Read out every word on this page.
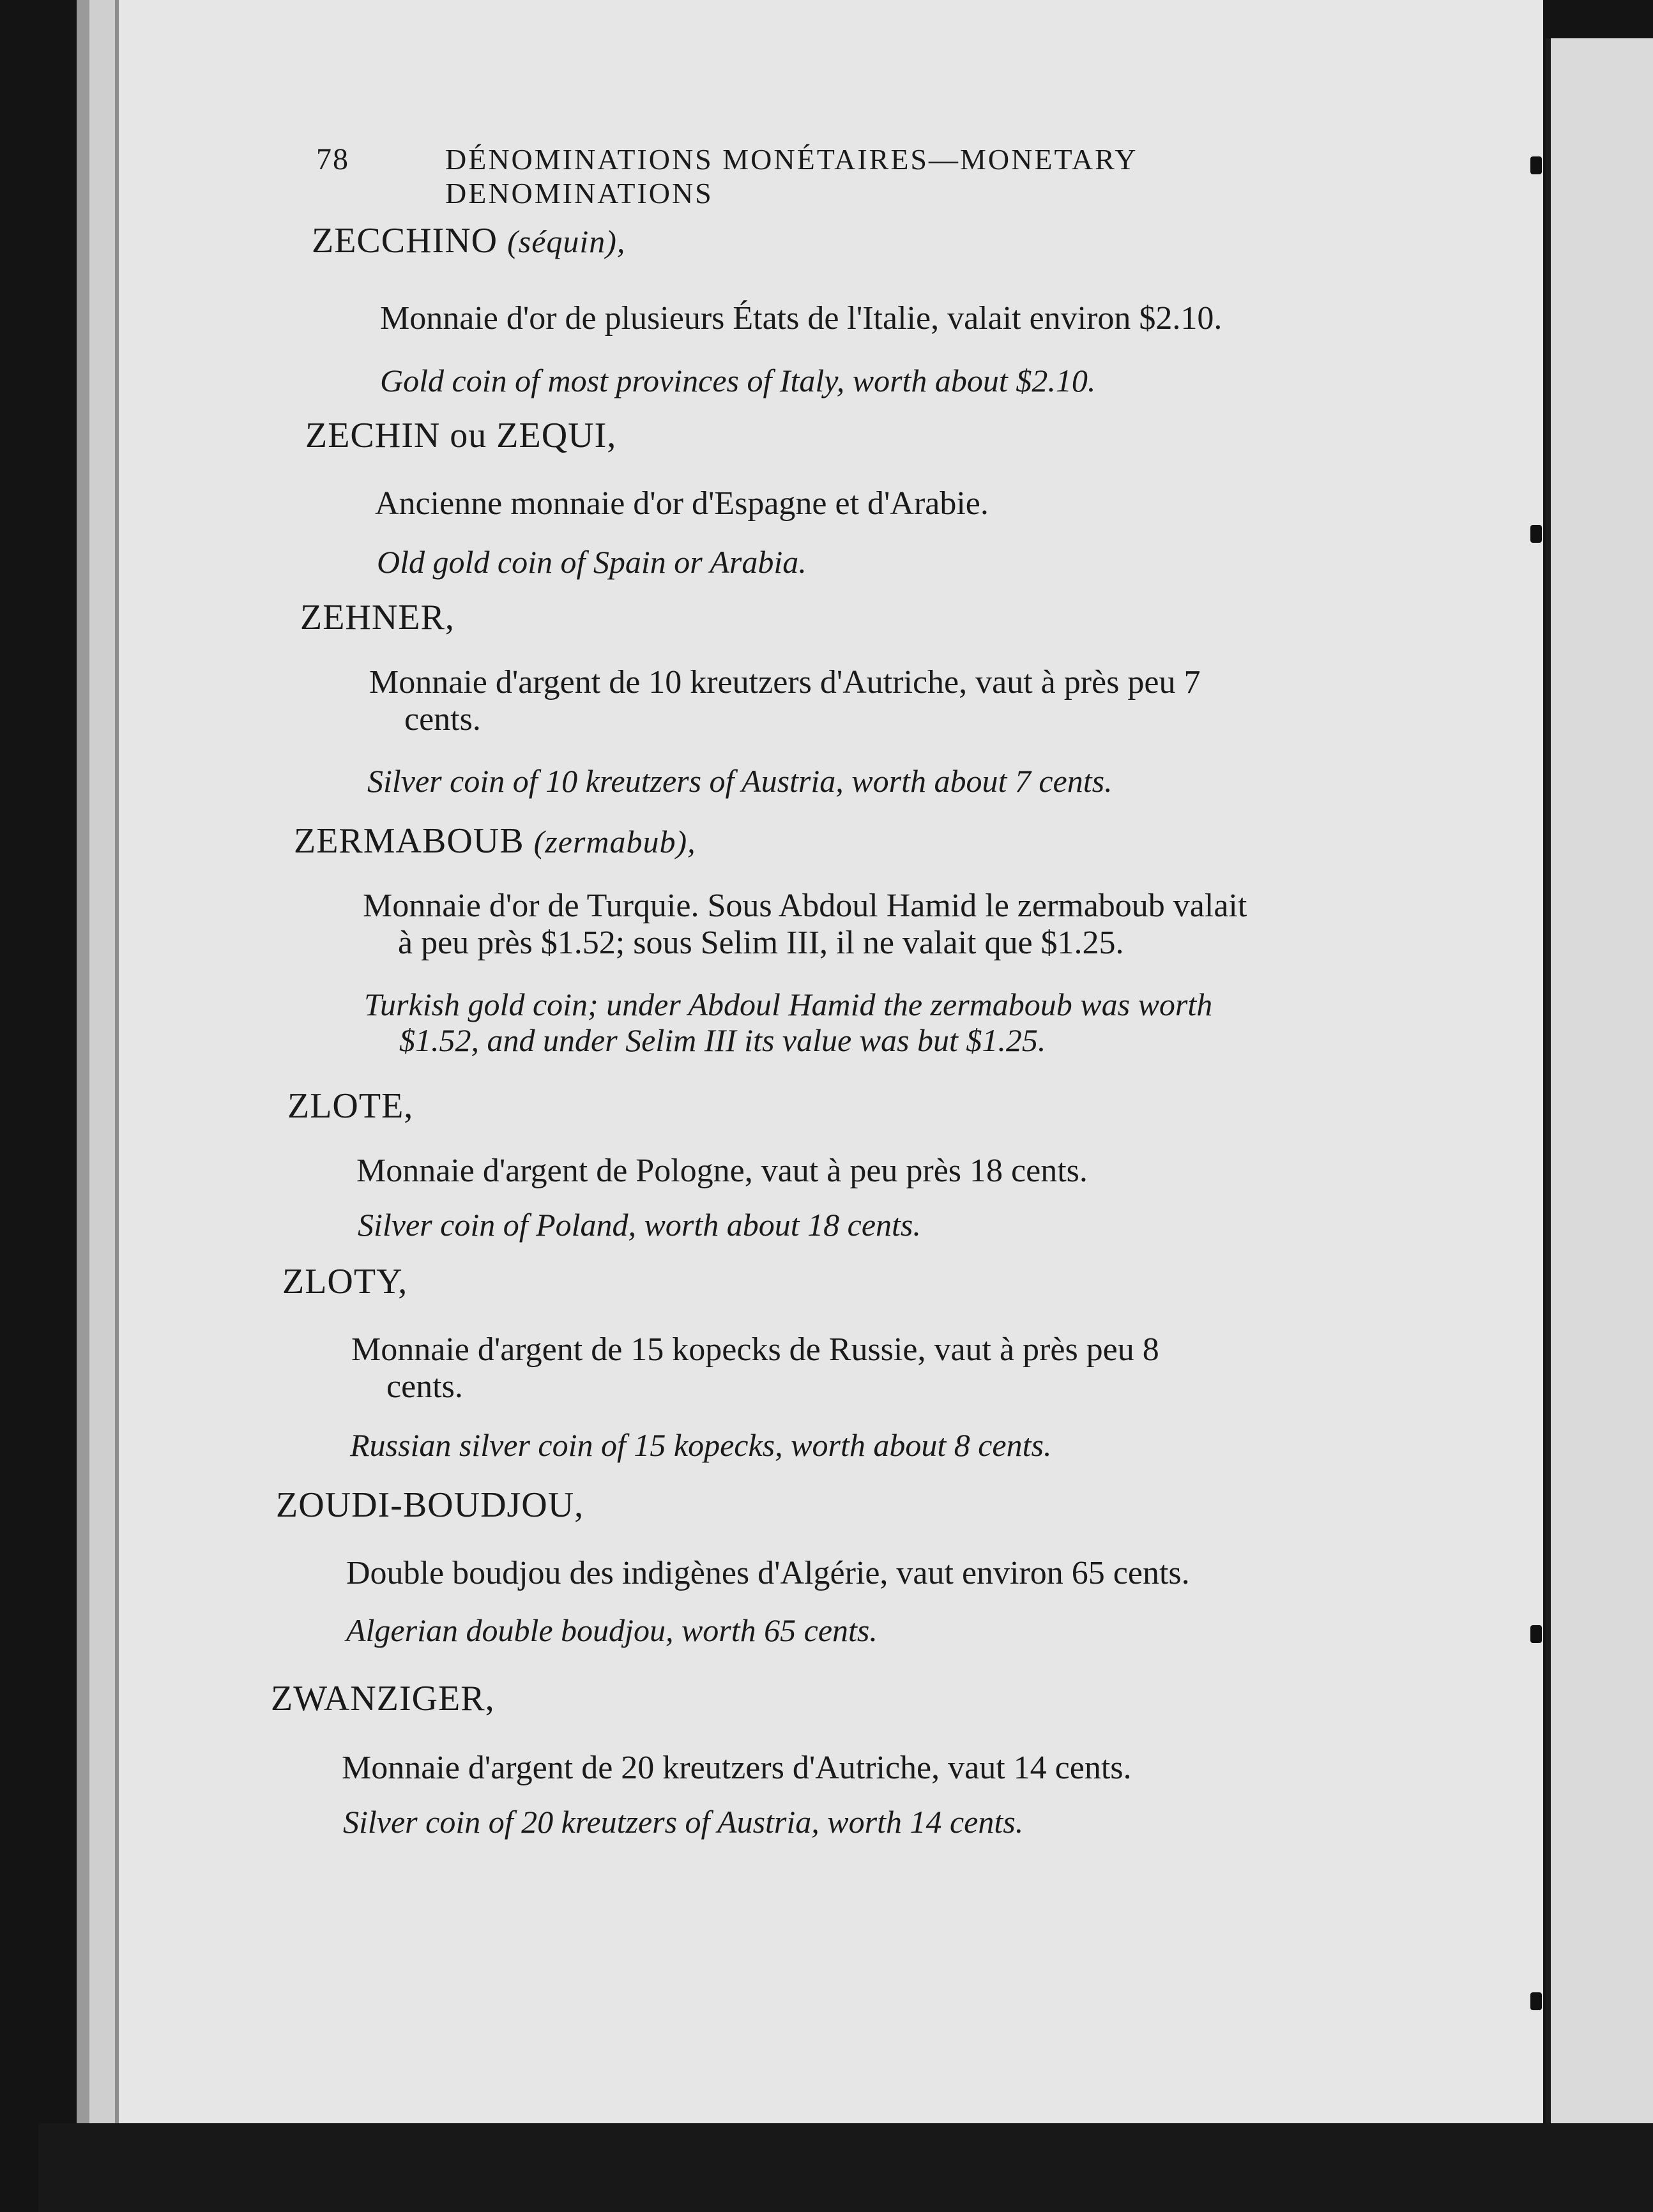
78	DÉNOMINATIONS MONÉTAIRES—MONETARY DENOMINATIONS
ZECCHINO (séquin),
Monnaie d'or de plusieurs États de l'Italie, valait environ $2.10.
Gold coin of most provinces of Italy, worth about $2.10.
ZECHIN ou ZEQUI,
Ancienne monnaie d'or d'Espagne et d'Arabie.
Old gold coin of Spain or Arabia.
ZEHNER,
Monnaie d'argent de 10 kreutzers d'Autriche, vaut à près peu 7
cents.
Silver coin of 10 kreutzers of Austria, worth about 7 cents.
ZERMABOUB (zermabub),
Monnaie d'or de Turquie. Sous Abdoul Hamid le zermaboub valait
à peu près $1.52; sous Selim III, il ne valait que $1.25.
Turkish gold coin; under Abdoul Hamid the zermaboub was worth
$1.52, and under Selim III its value was but $1.25.
ZLOTE,
Monnaie d'argent de Pologne, vaut à peu près 18 cents.
Silver coin of Poland, worth about 18 cents.
ZLOTY,
Monnaie d'argent de 15 kopecks de Russie, vaut à près peu 8
cents.
Russian silver coin of 15 kopecks, worth about 8 cents.
ZOUDI-BOUDJOU,
Double boudjou des indigènes d'Algérie, vaut environ 65 cents.
Algerian double boudjou, worth 65 cents.
ZWANZIGER,
Monnaie d'argent de 20 kreutzers d'Autriche, vaut 14 cents.
Silver coin of 20 kreutzers of Austria, worth 14 cents.
